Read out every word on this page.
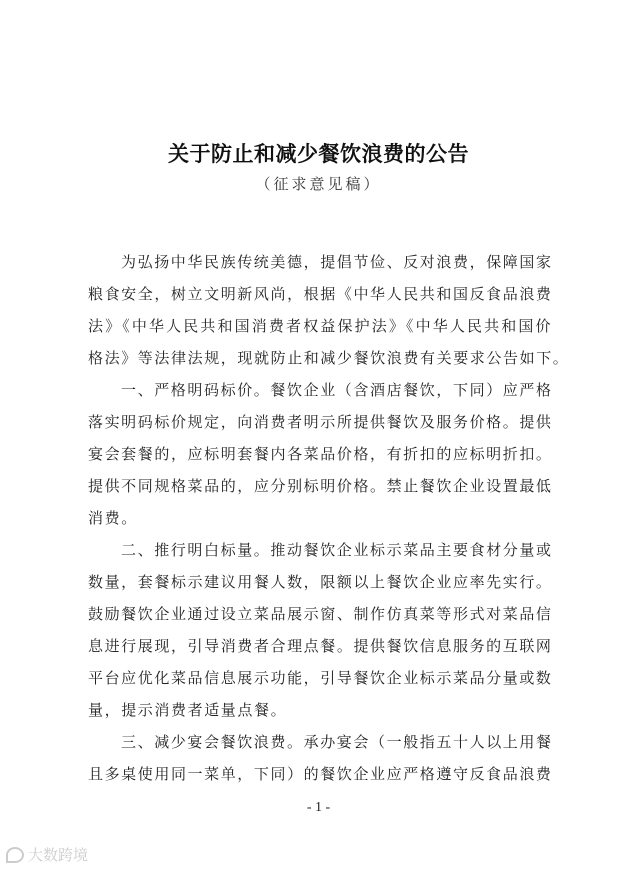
关于防止和减少餐饮浪费的公告
（征求意见稿）
为弘扬中华民族传统美德，提倡节俭、反对浪费，保障国家
粮食安全，树立文明新风尚，根据《中华人民共和国反食品浪费
法》《中华人民共和国消费者权益保护法》《中华人民共和国价
格法》等法律法规，现就防止和减少餐饮浪费有关要求公告如下。
一、严格明码标价。餐饮企业（含酒店餐饮，下同）应严格
落实明码标价规定，向消费者明示所提供餐饮及服务价格。提供
宴会套餐的，应标明套餐内各菜品价格，有折扣的应标明折扣。
提供不同规格菜品的，应分别标明价格。禁止餐饮企业设置最低
消费。
二、推行明白标量。推动餐饮企业标示菜品主要食材分量或
数量，套餐标示建议用餐人数，限额以上餐饮企业应率先实行。
鼓励餐饮企业通过设立菜品展示窗、制作仿真菜等形式对菜品信
息进行展现，引导消费者合理点餐。提供餐饮信息服务的互联网
平台应优化菜品信息展示功能，引导餐饮企业标示菜品分量或数
量，提示消费者适量点餐。
三、减少宴会餐饮浪费。承办宴会（一般指五十人以上用餐
且多桌使用同一菜单，下同）的餐饮企业应严格遵守反食品浪费
- 1 -
大数跨境
